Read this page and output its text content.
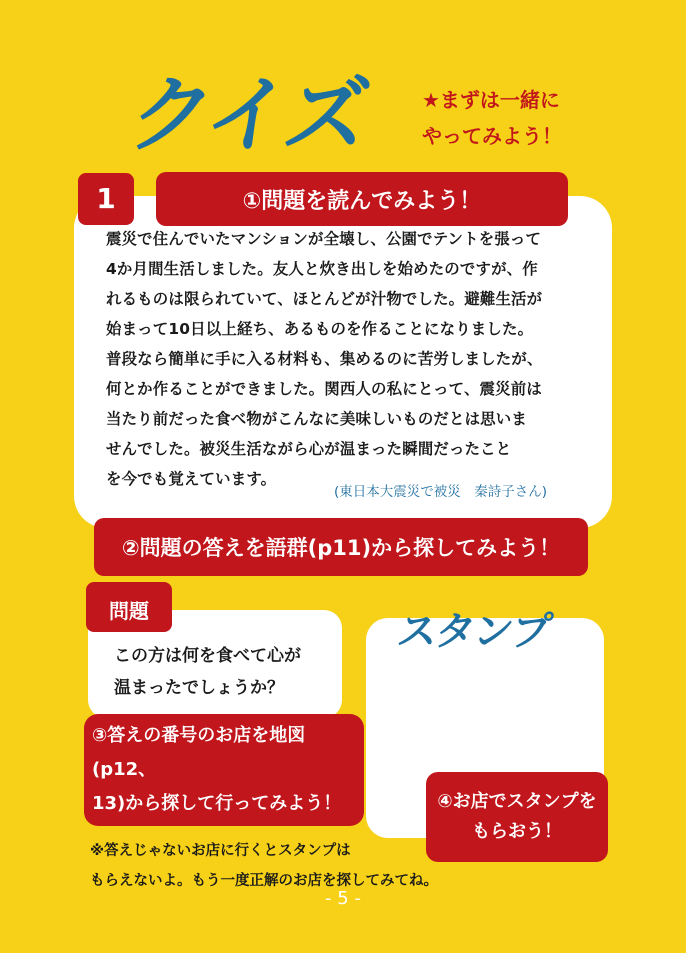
クイズ	★まずは一緒に
やってみよう！
1	①問題を読んでみよう！
震災で住んでいたマンションが全壊し、公園でテントを張って
4か月間生活しました。友人と炊き出しを始めたのですが、作
れるものは限られていて、ほとんどが汁物でした。避難生活が
始まって10日以上経ち、あるものを作ることになりました。
普段なら簡単に手に入る材料も、集めるのに苦労しましたが、
何とか作ることができました。関西人の私にとって、震災前は
当たり前だった食べ物がこんなに美味しいものだとは思いま
せんでした。被災生活ながら心が温まった瞬間だったこと
を今でも覚えています。
(東日本大震災で被災　秦詩子さん)
②問題の答えを語群(p11)から探してみよう！
問題
この方は何を食べて心が
温まったでしょうか？
スタンプ
③答えの番号のお店を地図(p12、
13)から探して行ってみよう！	④お店でスタンプを
もらおう！
※答えじゃないお店に行くとスタンプは
もらえないよ。もう一度正解のお店を探してみてね。
- 5 -
